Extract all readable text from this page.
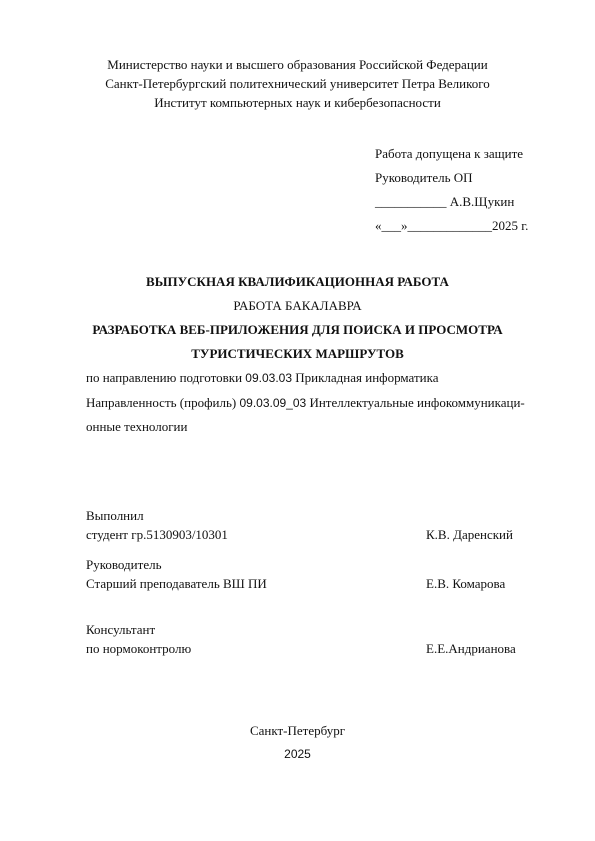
Министерство науки и высшего образования Российской Федерации
Санкт-Петербургский политехнический университет Петра Великого
Институт компьютерных наук и кибербезопасности
Работа допущена к защите
Руководитель ОП
___________ А.В.Щукин
«___»_____________2025 г.
ВЫПУСКНАЯ КВАЛИФИКАЦИОННАЯ РАБОТА
РАБОТА БАКАЛАВРА
РАЗРАБОТКА ВЕБ-ПРИЛОЖЕНИЯ ДЛЯ ПОИСКА И ПРОСМОТРА
ТУРИСТИЧЕСКИХ МАРШРУТОВ
по направлению подготовки 09.03.03 Прикладная информатика
Направленность (профиль) 09.03.09_03 Интеллектуальные инфокоммуникаци-
онные технологии
Выполнил
студент гр.5130903/10301	К.В. Даренский
Руководитель
Старший преподаватель ВШ ПИ	Е.В. Комарова
Консультант
по нормоконтролю	Е.Е.Андрианова
Санкт-Петербург
2025
